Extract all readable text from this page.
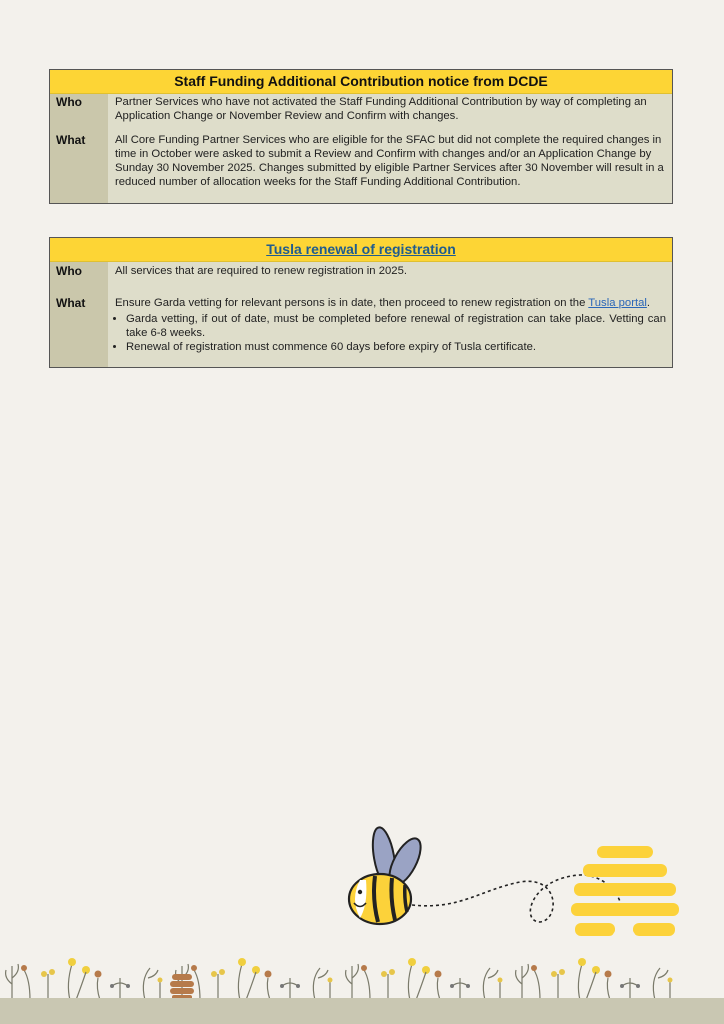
Staff Funding Additional Contribution notice from DCDE
Who	Partner Services who have not activated the Staff Funding Additional Contribution by way of completing an Application Change or November Review and Confirm with changes.
What	All Core Funding Partner Services who are eligible for the SFAC but did not complete the required changes in time in October were asked to submit a Review and Confirm with changes and/or an Application Change by Sunday 30 November 2025. Changes submitted by eligible Partner Services after 30 November will result in a reduced number of allocation weeks for the Staff Funding Additional Contribution.
Tusla renewal of registration
Who	All services that are required to renew registration in 2025.
What	Ensure Garda vetting for relevant persons is in date, then proceed to renew registration on the Tusla portal.
• Garda vetting, if out of date, must be completed before renewal of registration can take place. Vetting can take 6-8 weeks.
• Renewal of registration must commence 60 days before expiry of Tusla certificate.
